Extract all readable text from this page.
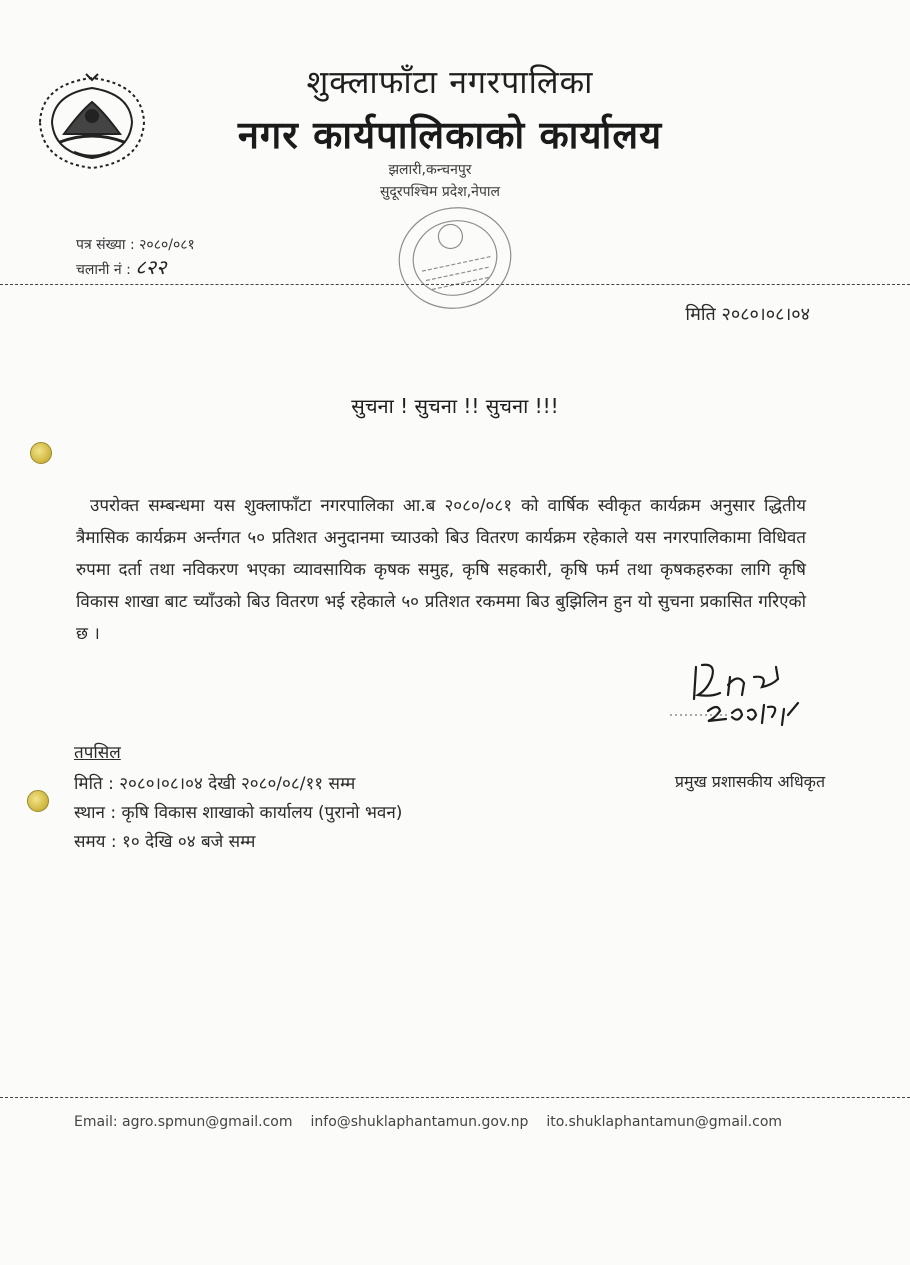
शुक्लाफाँटा नगरपालिका
नगर कार्यपालिकाको कार्यालय
झलारी,कन्चनपुर
सुदूरपश्चिम प्रदेश,नेपाल
पत्र संख्या : २०८०/०८१
चलानी नं : ८२२
मिति २०८०।०८।०४
सुचना ! सुचना !! सुचना !!!
उपरोक्त सम्बन्धमा यस शुक्लाफाँटा नगरपालिका आ.ब २०८०/०८१ को वार्षिक स्वीकृत कार्यक्रम अनुसार द्धितीय त्रैमासिक कार्यक्रम अर्न्तगत ५० प्रतिशत अनुदानमा च्याउको बिउ वितरण कार्यक्रम रहेकाले यस नगरपालिकामा विधिवत रुपमा दर्ता तथा नविकरण भएका व्यावसायिक कृषक समुह, कृषि सहकारी, कृषि फर्म तथा कृषकहरुका लागि कृषि विकास शाखा बाट च्याँउको बिउ वितरण भई रहेकाले ५० प्रतिशत रकममा बिउ बुझिलिन हुन यो सुचना प्रकासित गरिएको छ ।
प्रमुख प्रशासकीय अधिकृत
तपसिल
मिति : २०८०।०८।०४ देखी २०८०/०८/११ सम्म
स्थान : कृषि विकास शाखाको कार्यालय (पुरानो भवन)
समय : १० देखि ०४ बजे सम्म
Email: agro.spmun@gmail.com info@shuklaphantamun.gov.np ito.shuklaphantamun@gmail.com
